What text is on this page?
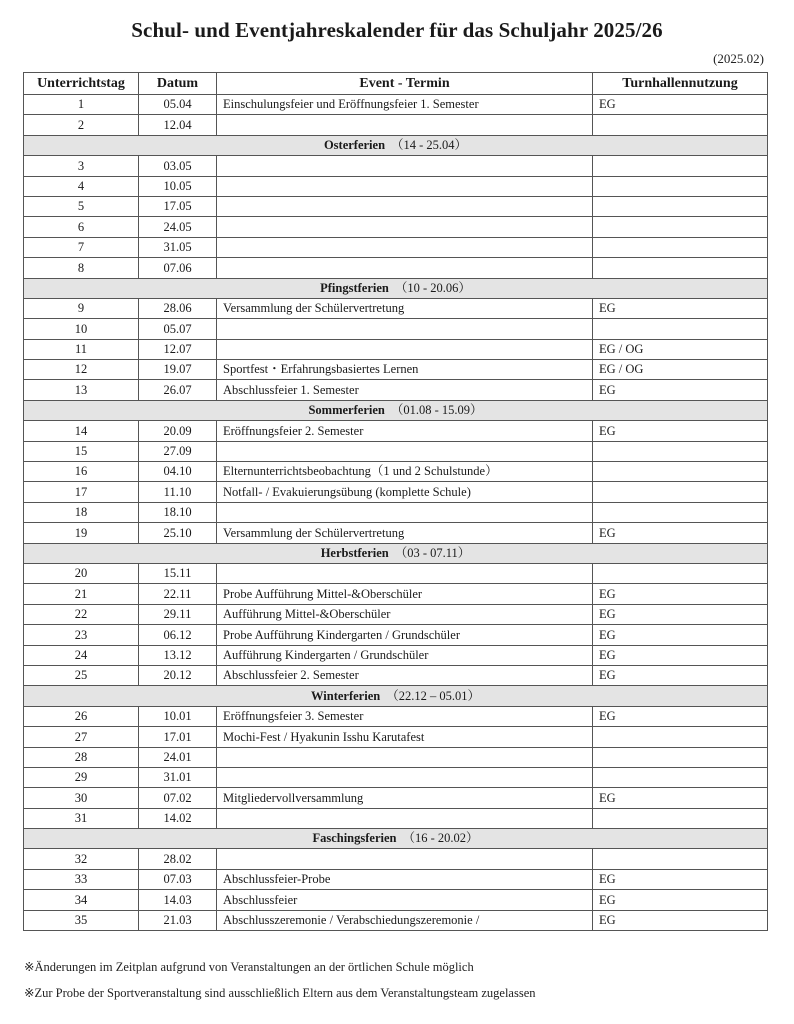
Schul- und Eventjahreskalender für das Schuljahr 2025/26
(2025.02)
Unterrichtstag	Datum	Event - Termin	Turnhallennutzung
1	05.04	Einschulungsfeier und Eröffnungsfeier 1. Semester	EG
2	12.04		
Osterferien （14 - 25.04）			
3	03.05		
4	10.05		
5	17.05		
6	24.05		
7	31.05		
8	07.06		
Pfingstferien （10 - 20.06）			
9	28.06	Versammlung der Schülervertretung	EG
10	05.07		
11	12.07		EG / OG
12	19.07	Sportfest・Erfahrungsbasiertes Lernen	EG / OG
13	26.07	Abschlussfeier 1. Semester	EG
Sommerferien （01.08 - 15.09）			
14	20.09	Eröffnungsfeier 2. Semester	EG
15	27.09		
16	04.10	Elternunterrichtsbeobachtung（1 und 2 Schulstunde）	
17	11.10	Notfall- / Evakuierungsübung (komplette Schule)	
18	18.10		
19	25.10	Versammlung der Schülervertretung	EG
Herbstferien （03 - 07.11）			
20	15.11		
21	22.11	Probe Aufführung Mittel-&Oberschüler	EG
22	29.11	Aufführung Mittel-&Oberschüler	EG
23	06.12	Probe Aufführung Kindergarten / Grundschüler	EG
24	13.12	Aufführung Kindergarten / Grundschüler	EG
25	20.12	Abschlussfeier 2. Semester	EG
Winterferien （22.12 – 05.01）			
26	10.01	Eröffnungsfeier 3. Semester	EG
27	17.01	Mochi-Fest / Hyakunin Isshu Karutafest	
28	24.01		
29	31.01		
30	07.02	Mitgliedervollversammlung	EG
31	14.02		
Faschingsferien （16 - 20.02）			
32	28.02		
33	07.03	Abschlussfeier-Probe	EG
34	14.03	Abschlussfeier	EG
35	21.03	Abschlusszeremonie / Verabschiedungszeremonie /	EG
※Änderungen im Zeitplan aufgrund von Veranstaltungen an der örtlichen Schule möglich
※Zur Probe der Sportveranstaltung sind ausschließlich Eltern aus dem Veranstaltungsteam zugelassen
